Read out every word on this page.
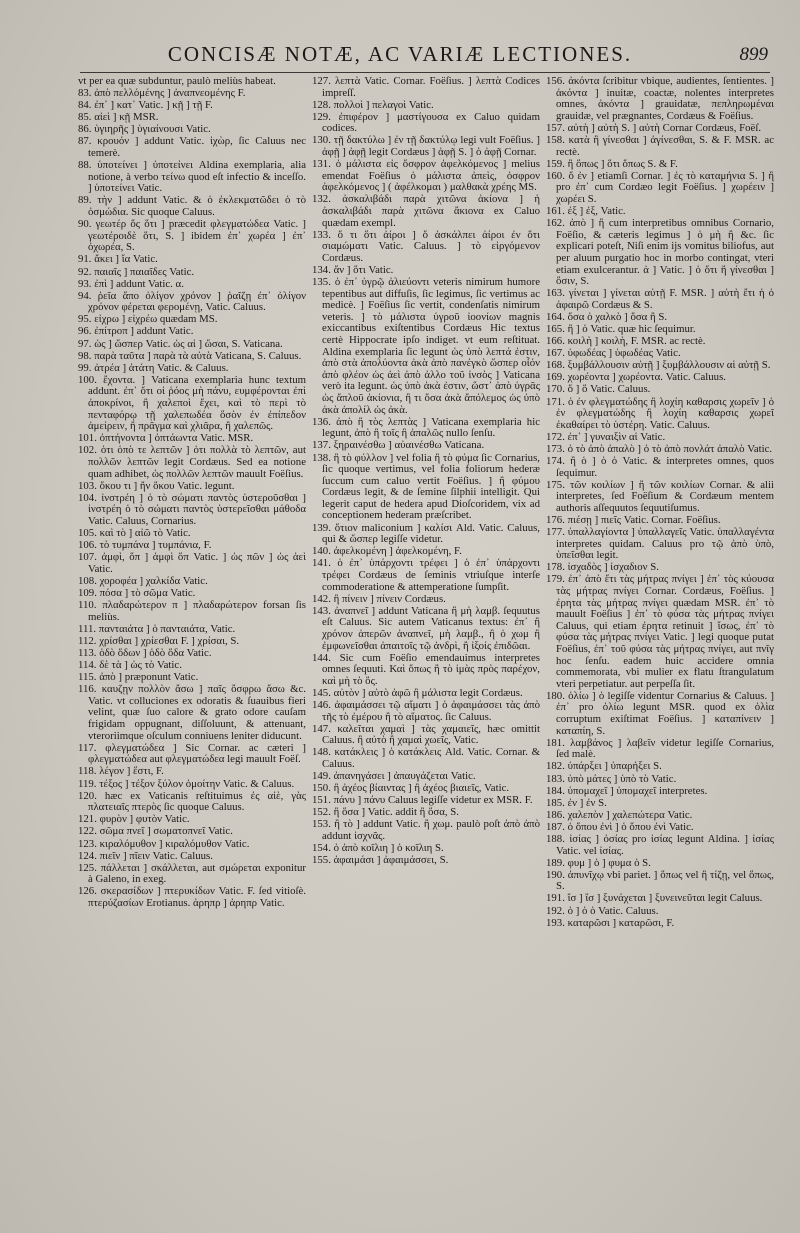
CONCISÆ NOTÆ, AC VARIÆ LECTIONES.	899

vt per ea quæ subduntur, paulò meliùs habeat.

83. ἀπὸ πελλόμένης ] ἀναπνεομένης F.

84. ἐπ᾽ ] κατ᾽ Vatic. ] κῇ ] τῇ F.

85. αἰεὶ ] κῇ MSR.

86. ὑγιηρῆς ] ὑγιαίνουσι Vatic.

87. κρουόν ] addunt Vatic. ἰχὼρ, ſic Caluus nec temerè.

88. ὑποτείνει ] ὑποτείνει Aldina exemplaria, alia notione, à verbo τείνω quod eſt infectio & inceſſo. ] ὑποτείνει Vatic.

89. τὴν ] addunt Vatic. & ὁ ἐκλεκματῶδει ὁ τὸ ὀσμώδια. Sic quoque Caluus.

90. γεωτέρ ὅς ὅτι ] præcedit φλεγματώδεα Vatic. ] γεωτέροιδὲ ὅτι, S. ] ibidem ἐπ᾽ χωρέα ] ἐπ᾽ ὀχωρέα, S.

91. ἄκει ] ἴα Vatic.

92. παιαῖς ] παιαῖδες Vatic.

93. ἐπὶ ] addunt Vatic. α.

94. ῥεῖα ἅπο ὀλίγον χρόνον ] ῥαῖζῃ ἐπ᾽ ὀλίγον χρόνον φέρεται φερομένῃ, Vatic. Caluus.

95. εἰχρω ] εἰχρέω quædam MS.

96. ἐπίτροπ ] addunt Vatic.

97. ὡς ] ὥσπερ Vatic. ὡς αἱ ] ὥσαι, S. Vaticana.

98. παρὰ ταῦτα ] παρὰ τὰ αὐτὰ Vaticana, S. Caluus.

99. ἀτρέα ] ἀτάτη Vatic. & Caluus.

100. ἔχοντα. ] Vaticana exemplaria hunc textum addunt. ἐπ᾽ ὅτι οἱ ῥόος μὴ πάνυ, ευμφέρονται ἐπὶ ἀποκρίνοι, ἢ χαλεποὶ ἔχει, καὶ τὸ περὶ τὸ πενταφόρῳ τῇ χαλεπωδέα ὅσὸν ἐν ἐπίπεδον ἀμείρειν, ἢ πρᾶγμα καὶ χλιᾶρα, ἢ χαλεπῶς.

101. ὀπτήνοντα ] ὀπτάωντα Vatic. MSR.

102. ὁτι ὁπὸ τε λεπτῶν ] ὁτι πολλὰ τὸ λεπτῶν, aut πολλῶν λεπτῶν legit Cordæus. Sed ea notione quam adhibet, ὡς πολλῶν λεπτῶν mauult Foëſius.

103. ὅκου τι ] ἤν ὅκου Vatic. legunt.

104. ἰνστρέη ] ὁ τὸ σώματι παντὸς ὑστεροῦσθαι ] ἰνστρέη ὁ τὸ σώματι παντὸς ὑστερεῖσθαι μάθοδα Vatic. Caluus, Cornarius.

105. καὶ τὸ ] αἰῶ τὸ Vatic.

106. τὸ τυμπάνα ] τυμπάνια, F.

107. ἀμφὶ, ὅπ ] ἀμφὶ ὅπ Vatic. ] ὡς πῶν ] ὡς ἀεὶ Vatic.

108. χοροφέα ] χαλκίδα Vatic.

109. πόσα ] τὸ σῶμα Vatic.

110. πλαδαρώτερον π ] πλαδαρώτερον forsan ſis meliùs.

111. πανταιάτα ] ὁ πανταιάτα, Vatic.

112. χρίσθαι ] χρίεσθαι F. ] χρίσαι, S.

113. ὁδὸ ὅδων ] ὁδὸ ὅδα Vatic.

114. δὲ τὰ ] ὡς τὸ Vatic.

115. ἀπὸ ] præponunt Vatic.

116. καυζῃν πολλὸν ἄσω ] παῖς ὄσφρω ἄσω &c. Vatic. vt colluciones ex odoratis & ſuauibus fieri velint, quæ ſuo calore & grato odore cauſam frigidam oppugnant, diſſoluunt, & attenuant, vteroriimque oſculum conniuens leniter diducunt.

117. φλεγματώδεα ] Sic Cornar. ac cæteri ] φλεγματώδεα aut φλεγματώδεα legi mauult Foëſ.

118. λέγον ] ἕστι, F.

119. τέξος ] τέξον ξύλον ὁμοίτην Vatic. & Caluus.

120. hæc ex Vaticanis reſtituimus ἐς αἰὲ, γὰς πλατειαῖς πτερὸς ſic quoque Caluus.

121. φυρὸν ] φυτὸν Vatic.

122. σῶμα πνεῖ ] σωματοπνεῖ Vatic.

123. κιραλόμυθον ] κιραλόμυθον Vatic.

124. πιεῖν ] πῖειν Vatic. Caluus.

125. πάλλεται ] σκάλλεται, aut σμώρεται exponitur à Galeno, in exeg.

126. σκερασίδων ] πτερυκίδων Vatic. F. ſed vitioſè. πτερύζασίων Erotianus. ἀρηπρ ] ἀρηπρ Vatic.

127. λεπτὰ Vatic. Cornar. Foëſius. ] λεπτὰ Codices impreſſ.

128. πολλοὶ ] πελαγοὶ Vatic.

129. ἐπιφέρον ] μαστίγουσα ex Caluo quidam codices.

130. τῇ δακτύλω ] ἐν τῇ δακτύλῳ legi vult Foëſius. ] ἀφῇ ] ἀφῇ legit Cordæus ] ἀφῇ S. ] ὁ ἀφῇ Cornar.

131. ὁ μάλιστα εἰς ὅσφρον ἀφελκόμενος ] melius emendat Foëſius ὁ μάλιστα ἀπεὶς, ὀσφρον ἀφελκόμενος ] ( ἀφέλκομαι ) μαλθακὰ χρέης MS.

132. ἀσκαλιβάδι παρὰ χιτῶνα ἀκίονα ] ἡ ἀσκαλιβάδι παρὰ χιτῶνα ἄκιονα ex Caluo quædam exempl.

133. ὅ τι ὅτι ἀίροι ] ὅ ἀσκάλπει ἀίροι ἐν ὅτι σιαμώματι Vatic. Caluus. ] τὸ εἰργόμενον Cordæus.

134. ἄν ] ὅτι Vatic.

135. ὁ ἐπ᾽ ὑγρῷ ἀλιεύοντι veteris nimirum humore tepentibus aut diffuſis, ſic legimus, ſic vertimus ac medicè. ] Foëſius ſic vertit, condenſatis nimirum veteris. ] τὸ μάλιστα ὑγροῦ ἰοονίων magnis exiccantibus exiſtentibus Cordæus Hic textus certè Hippocrate ipſo indiget. vt eum reſtituat. Aldina exemplaria ſic legunt ὡς ὑπὸ λεπτά ἐστιν, ἀπὸ στὰ ἀπολύοντα ἀκὰ ἀπὸ πανέγκὸ ὥσπερ οἷόν ἀπὸ φλέον ὡς ἀεὶ ἀπὸ ἀλλο τοῦ ἰνσὸς ] Vaticana verò ita legunt. ὡς ὑπὸ ἀκὰ ἐστιν, ὥστ᾽ ἀπὸ ὑγρᾶς ὡς ἄπλοῦ ἀκίονια, ἢ τι ὅσα ἀκὰ ἄπόλεμος ὡς ὑπὸ ἀκὰ ἀπολίλ ὡς ἀκὰ.

136. ἀπὸ ἢ τὸς λεπτὰς ] Vaticana exemplaria hic legunt, ἀπὸ ἢ τοῖς ἢ ἀπαλῶς nullo ſenſu.

137. ξηραινέσθω ] αὐαινέσθω Vaticana.

138. ἢ τὸ φύλλον ] vel folia ἢ τὸ φύμα ſic Cornarius, ſic quoque vertimus, vel folia foliorum hederæ ſuccum cum caluo vertit Foëſius. ] ἢ φύμου Cordæus legit, & de ſemine ſilphii intelligit. Qui legerit caput de hedera apud Dioſcoridem, vix ad conceptionem hederam præſcribet.

139. ὅτιον maliconium ] καλίσι Ald. Vatic. Caluus, qui & ὥσπερ legiſſe videtur.

140. ἀφελκομένη ] ἀφελκομένη, F.

141. ὁ ἐπ᾽ ὑπάρχοντι τρέφει ] ὁ ἐπ᾽ ὑπάρχοντι τρέφει Cordæus de ſeminis vtriuſque interſe commoderatione & attemperatione ſumpſit.

142. ἢ πίνειν ] πίνειν Cordæus.

143. ἀναπνεῖ ] addunt Vaticana ἢ μὴ λαμβ. ſequutus eſt Caluus. Sic autem Vaticanus textus: ἐπ᾽ ἢ χρόνον ἀπερῶν ἀναπνεῖ, μὴ λαμβ., ἢ ὁ χωμ ἢ ἐμφωνεῖσθαι ἀπαιτοῖς τῷ ἀνδρὶ, ἢ ἰξοίς ἐπιδῶαι.

144. Sic cum Foëſio emendauimus interpretes omnes ſequuti. Καὶ ὅπως ἢ τὸ ἱμὰς πρὸς παρέχον, καὶ μὴ τὸ ὅς.

145. αὐτὸν ] αὐτὸ ἀφῶ ἢ μάλιστα legit Cordæus.

146. ἀφαιμάσσει τῷ αἵματι ] ὁ ἀφαιμάσσει τὰς ἀπὸ τῆς τὸ ἐμέρου ἢ τὸ αἵματος. ſic Caluus.

147. καλεῖται χαμαὶ ] τὰς χαμαιεῖς, hæc omittit Caluus. ἢ αὐτὸ ἢ χαμαὶ χωεῖς, Vatic.

148. κατάκλεις ] ὁ κατάκλεις Ald. Vatic. Cornar. & Caluus.

149. ἀπανηγάσει ] ἀπαυγάζεται Vatic.

150. ἢ ἀχέος βίαιντας ] ἢ ἀχέος βιαιεῖς, Vatic.

151. πάνυ ] πάνυ Caluus legiſſe videtur ex MSR. F.

152. ἢ ὅσα ] Vatic. addit ἢ ὅσα, S.

153. ἢ τὸ ] addunt Vatic. ἢ χωμ. paulò poſt ἀπὸ ἀπὸ addunt ἰσχνᾶς.

154. ὁ ἀπὸ κοῖλιη ] ὁ κοῖλιη S.

155. ἀφαιμάσι ] ἀφαιμάσσει, S.

156. ἀκόντα ſcribitur vbique, audientes, ſentientes. ] ἀκόντα ] inuitæ, coactæ, nolentes interpretes omnes, ἀκόντα ] grauidatæ, πεπληρωμέναι grauidæ, vel prægnantes, Cordæus & Foëſius.

157. αὐτὴ ] αὐτὴ S. ] αὐτὴ Cornar Cordæus, Foëſ.

158. κατὰ ἢ γίνεσθαι ] ἀγίνεσθαι, S. & F. MSR. ac rectè.

159. ἢ ὅπως ] ὅτι ὅπως S. & F.

160. ὅ ἐν ] etiamſi Cornar. ] ἐς τὸ καταμήνια S. ] ἢ pro ἐπ᾽ cum Cordæo legit Foëſius. ] χωρέειν ] χωρέει S.

161. ἐξ ] ἐξ, Vatic.

162. ἀπὸ ] ἢ cum interpretibus omnibus Cornario, Foëſio, & cæteris legimus ] ὁ μὴ ἢ &c. ſic explicari poteſt, Niſi enim ijs vomitus biliofus, aut per aluum purgatio hoc in morbo contingat, vteri etiam exulcerantur. ἀ ] Vatic. ] ὁ ὅτι ἢ γίνεσθαι ] ὅσιν, S.

163. γίνεται ] γίνεται αὐτῇ F. MSR. ] αὐτὴ ἔτι ἡ ὁ ἀφαιρῶ Cordæus & S.

164. ὅσα ὁ χαλκὸ ] ὅσα ἢ S.

165. ἢ ] ὁ Vatic. quæ hic ſequimur.

166. κοιλὴ ] κοιλὴ, F. MSR. ac rectè.

167. ὑφωδέας ] ὑφωδέας Vatic.

168. ξυμβάλλουσιν αὐτῇ ] ξυμβάλλουσιν αἱ αὐτῇ S.

169. χωρέοντα ] χωρέοντα. Vatic. Caluus.

170. ὅ ] ὅ Vatic. Caluus.

171. ὁ ἐν φλεγματώδης ἢ λοχίη καθαρσις χωρεῖν ] ὁ ἐν φλεγματώδης ἢ λοχίη καθαρσις χωρεῖ ἐκαθαίρει τὸ ὑστέρη. Vatic. Caluus.

172. ἐπ᾽ ] γυναιξὶν αἱ Vatic.

173. ὁ τὸ ἀπὸ ἀπαλὸ ] ὁ τὸ ἀπὸ πονλάτ ἀπαλὸ Vatic.

174. ἢ ὁ ] ὁ ὁ Vatic. & interpretes omnes, quos ſequimur.

175. τῶν κοιλίων ] ἢ τῶν κοιλίων Cornar. & alii interpretes, ſed Foëſium & Cordæum mentem authoris aſſequutos ſequutiſumus.

176. πιέσῃ ] πιεῖς Vatic. Cornar. Foëſius.

177. ὑπαλλαγίοντα ] ὑπαλλαγεῖς Vatic. ὑπαλλαγέντα interpretes quidam. Caluus pro τῷ ἀπὸ ὑπὸ, ὑπεῖσθαι legit.

178. ἰσχαδὸς ] ἰσχαδιον S.

179. ἐπ᾽ ἀπὸ ἔτι τὰς μήτρας πνίγει ] ἐπ᾽ τὸς κύουσα τὰς μήτρας πνίγει Cornar. Cordæus, Foëſius. ] ἐρητα τὰς μήτρας πνίγει quædam MSR. ἐπ᾽ τὸ mauult Foëſius ] ἐπ᾽ τὸ φύσα τὰς μήτρας πνίγει Caluus, qui etiam ἐρητα retinuit ] ἴσως, ἐπ᾽ τὸ φύσα τὰς μήτρας πνίγει Vatic. ] legi quoque putat Foëſius, ἐπ᾽ τοῦ φύσα τὰς μήτρας πνίγει, aut πνῖγ hoc ſenſu. eadem huic accidere omnia commemorata, vbi mulier ex flatu ſtrangulatum vteri perpetiatur. aut perpeſſa ſit.

180. ὁλίω ] ὁ legiſſe videntur Cornarius & Caluus. ] ἐπ᾽ pro ὁλίω legunt MSR. quod ex ὁλὶα corruptum exiſtimat Foëſius. ] καταπίνειν ] καταπίη, S.

181. λαμβάνος ] λαβεῖν videtur legiſſe Cornarius, ſed malè.

182. ὑπάρξει ] ὑπαρήξει S.

183. ὑπὸ μάτες ] ὑπὸ τὸ Vatic.

184. ὑπομαχεῖ ] ὑπομαχεῖ interpretes.

185. ἐν ] ἐν S.

186. χαλεπὸν ] χαλεπώτερα Vatic.

187. ὁ ὅπου ἐνὶ ] ὁ ὅπου ἐνὶ Vatic.

188. ἰσίας ] ὀσίας pro ἰσίας legunt Aldina. ] ἰσίας Vatic. vel ἰσίας.

189. φυμ ] ὁ ] φυμα ὁ S.

190. ἀπυνῖχῳ vbi pariet. ] ὅπως vel ἢ τίζῃ, vel ὅπως, S.

191. ἴσ ] ἴσ ] ξυνάχεται ] ξυνεινεῦται legit Caluus.

192. ὁ ] ὁ ὁ Vatic. Caluus.

193. καταρῶσι ] καταρῶσι, F.
